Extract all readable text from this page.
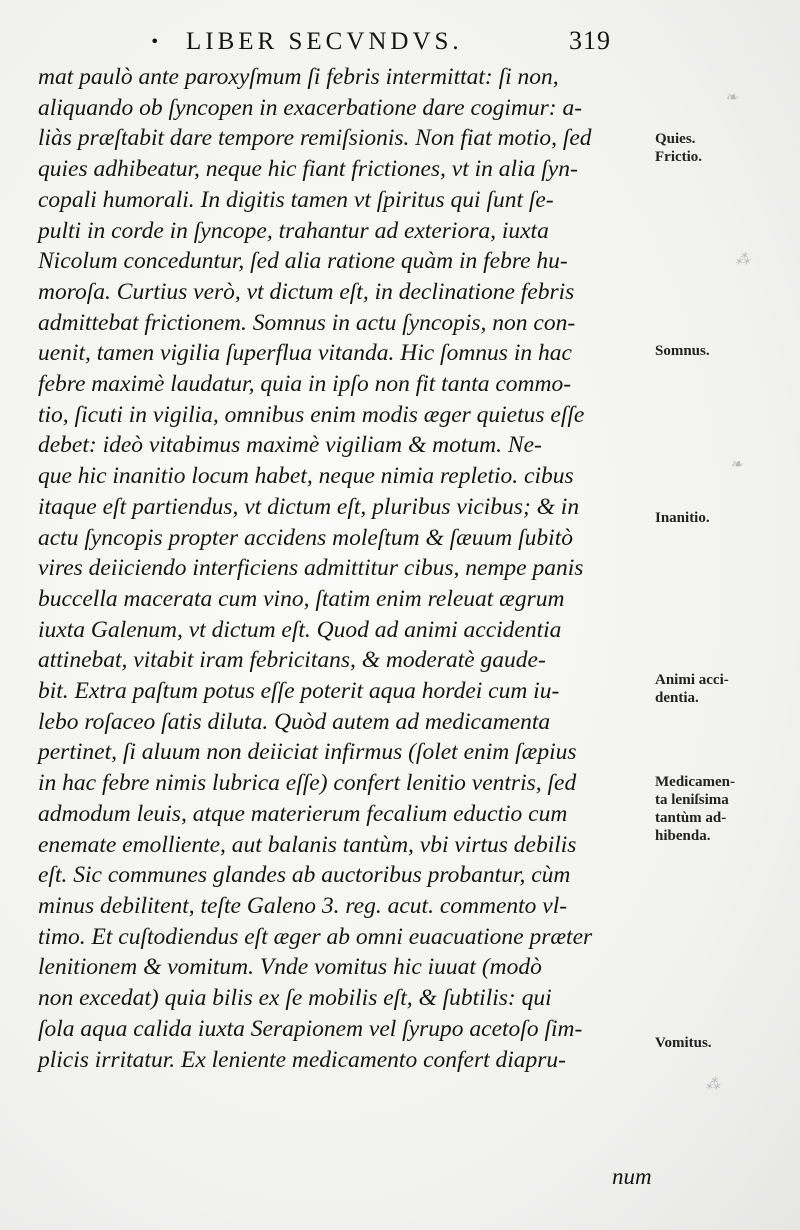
❧
⁂
❧
⁂
• LIBER SECVNDVS.	319
mat paulò ante paroxyſmum ſi febris intermittat: ſi non,
aliquando ob ſyncopen in exacerbatione dare cogimur: a-
liàs præſtabit dare tempore remiſsionis. Non fiat motio, ſed
quies adhibeatur, neque hic fiant frictiones, vt in alia ſyn-
copali humorali. In digitis tamen vt ſpiritus qui ſunt ſe-
pulti in corde in ſyncope, trahantur ad exteriora, iuxta
Nicolum conceduntur, ſed alia ratione quàm in febre hu-
moroſa. Curtius verò, vt dictum eſt, in declinatione febris
admittebat frictionem. Somnus in actu ſyncopis, non con-
uenit, tamen vigilia ſuperflua vitanda. Hic ſomnus in hac
febre maximè laudatur, quia in ipſo non fit tanta commo-
tio, ſicuti in vigilia, omnibus enim modis æger quietus eſſe
debet: ideò vitabimus maximè vigiliam & motum. Ne-
que hic inanitio locum habet, neque nimia repletio. cibus
itaque eſt partiendus, vt dictum eſt, pluribus vicibus; & in
actu ſyncopis propter accidens moleſtum & ſæuum ſubitò
vires deiiciendo interficiens admittitur cibus, nempe panis
buccella macerata cum vino, ſtatim enim releuat ægrum
iuxta Galenum, vt dictum eſt. Quod ad animi accidentia
attinebat, vitabit iram febricitans, & moderatè gaude-
bit. Extra paſtum potus eſſe poterit aqua hordei cum iu-
lebo roſaceo ſatis diluta. Quòd autem ad medicamenta
pertinet, ſi aluum non deiiciat infirmus (ſolet enim ſæpius
in hac febre nimis lubrica eſſe) confert lenitio ventris, ſed
admodum leuis, atque materierum fecalium eductio cum
enemate emolliente, aut balanis tantùm, vbi virtus debilis
eſt. Sic communes glandes ab auctoribus probantur, cùm
minus debilitent, teſte Galeno 3. reg. acut. commento vl-
timo. Et cuſtodiendus eſt æger ab omni euacuatione præter
lenitionem & vomitum. Vnde vomitus hic iuuat (modò
non excedat) quia bilis ex ſe mobilis eſt, & ſubtilis: qui
ſola aqua calida iuxta Serapionem vel ſyrupo acetoſo ſim-
plicis irritatur. Ex leniente medicamento confert diapru-
num
Quies.
Frictio.
Somnus.
Inanitio.
Animi acci-
dentia.
Medicamen-
ta leniſsima
tantùm ad-
hibenda.
Vomitus.
